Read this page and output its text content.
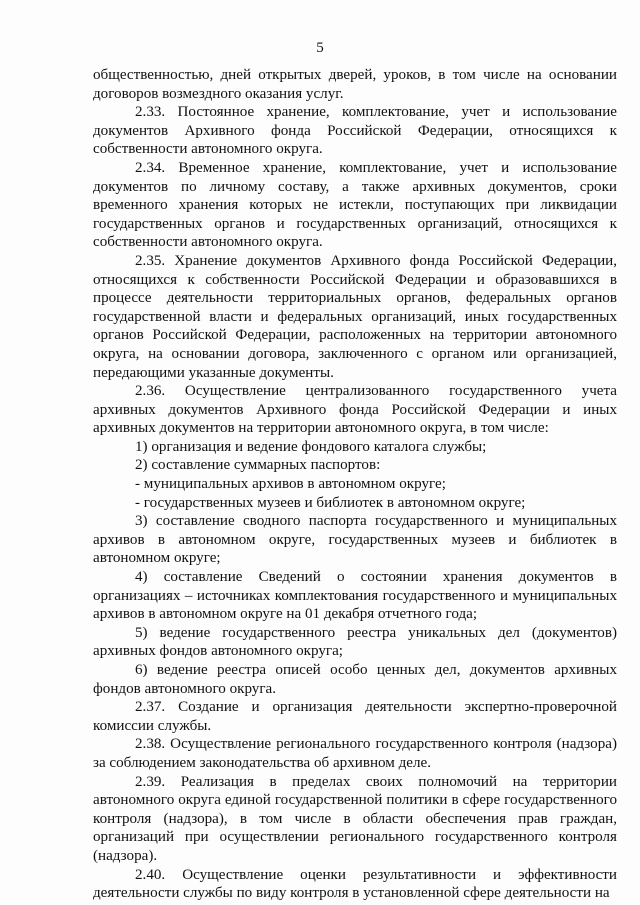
5

общественностью, дней открытых дверей, уроков, в том числе на основании договоров возмездного оказания услуг.

2.33. Постоянное хранение, комплектование, учет и использование документов Архивного фонда Российской Федерации, относящихся к собственности автономного округа.

2.34. Временное хранение, комплектование, учет и использование документов по личному составу, а также архивных документов, сроки временного хранения которых не истекли, поступающих при ликвидации государственных органов и государственных организаций, относящихся к собственности автономного округа.

2.35. Хранение документов Архивного фонда Российской Федерации, относящихся к собственности Российской Федерации и образовавшихся в процессе деятельности территориальных органов, федеральных органов государственной власти и федеральных организаций, иных государственных органов Российской Федерации, расположенных на территории автономного округа, на основании договора, заключенного с органом или организацией, передающими указанные документы.

2.36. Осуществление централизованного государственного учета архивных документов Архивного фонда Российской Федерации и иных архивных документов на территории автономного округа, в том числе:

1) организация и ведение фондового каталога службы;

2) составление суммарных паспортов:

- муниципальных архивов в автономном округе;

- государственных музеев и библиотек в автономном округе;

3) составление сводного паспорта государственного и муниципальных архивов в автономном округе, государственных музеев и библиотек в автономном округе;

4) составление Сведений о состоянии хранения документов в организациях – источниках комплектования государственного и муниципальных архивов в автономном округе на 01 декабря отчетного года;

5) ведение государственного реестра уникальных дел (документов) архивных фондов автономного округа;

6) ведение реестра описей особо ценных дел, документов архивных фондов автономного округа.

2.37. Создание и организация деятельности экспертно-проверочной комиссии службы.

2.38. Осуществление регионального государственного контроля (надзора) за соблюдением законодательства об архивном деле.

2.39. Реализация в пределах своих полномочий на территории автономного округа единой государственной политики в сфере государственного контроля (надзора), в том числе в области обеспечения прав граждан, организаций при осуществлении регионального государственного контроля (надзора).

2.40. Осуществление оценки результативности и эффективности деятельности службы по виду контроля в установленной сфере деятельности на
